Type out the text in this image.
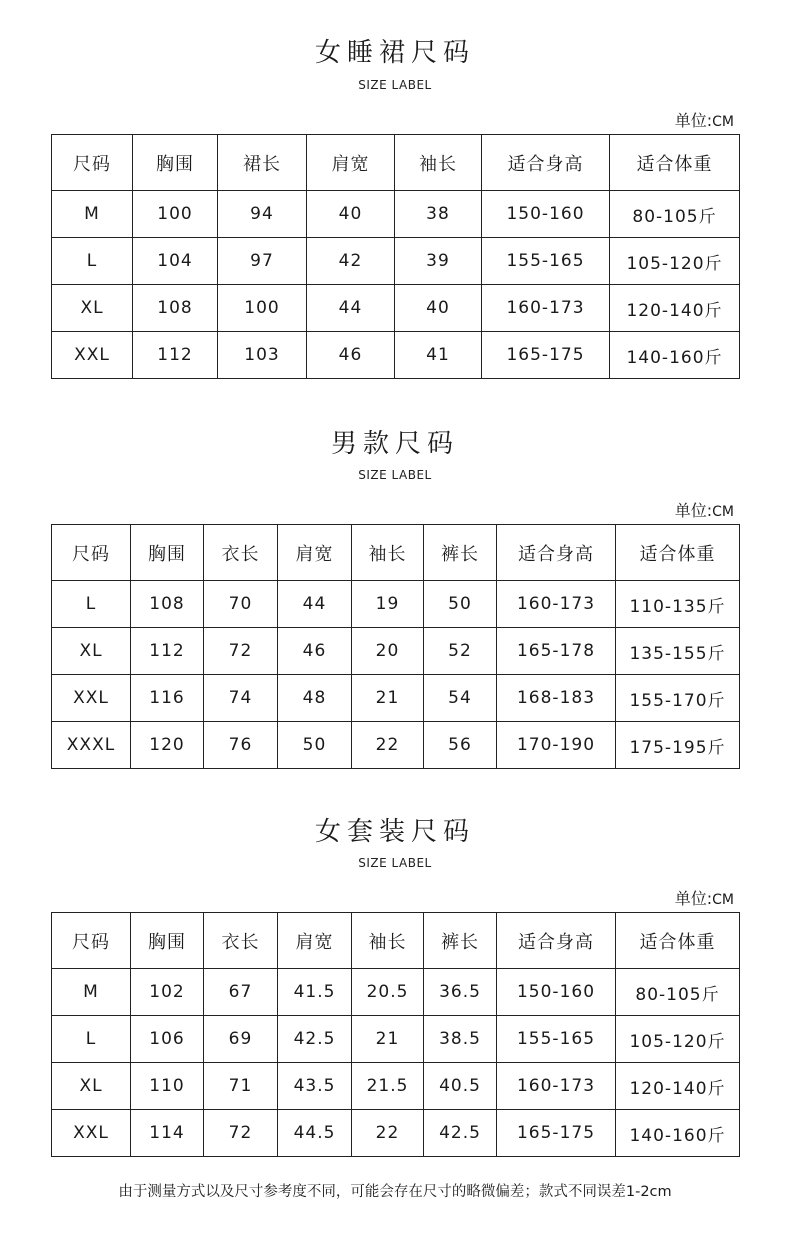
女睡裙尺码
SIZE LABEL
单位:CM
尺码	胸围	裙长	肩宽	袖长	适合身高	适合体重
M	100	94	40	38	150-160	80-105斤
L	104	97	42	39	155-165	105-120斤
XL	108	100	44	40	160-173	120-140斤
XXL	112	103	46	41	165-175	140-160斤
男款尺码
SIZE LABEL
单位:CM
尺码	胸围	衣长	肩宽	袖长	裤长	适合身高	适合体重
L	108	70	44	19	50	160-173	110-135斤
XL	112	72	46	20	52	165-178	135-155斤
XXL	116	74	48	21	54	168-183	155-170斤
XXXL	120	76	50	22	56	170-190	175-195斤
女套装尺码
SIZE LABEL
单位:CM
尺码	胸围	衣长	肩宽	袖长	裤长	适合身高	适合体重
M	102	67	41.5	20.5	36.5	150-160	80-105斤
L	106	69	42.5	21	38.5	155-165	105-120斤
XL	110	71	43.5	21.5	40.5	160-173	120-140斤
XXL	114	72	44.5	22	42.5	165-175	140-160斤
由于测量方式以及尺寸参考度不同，可能会存在尺寸的略微偏差；款式不同误差1-2cm
